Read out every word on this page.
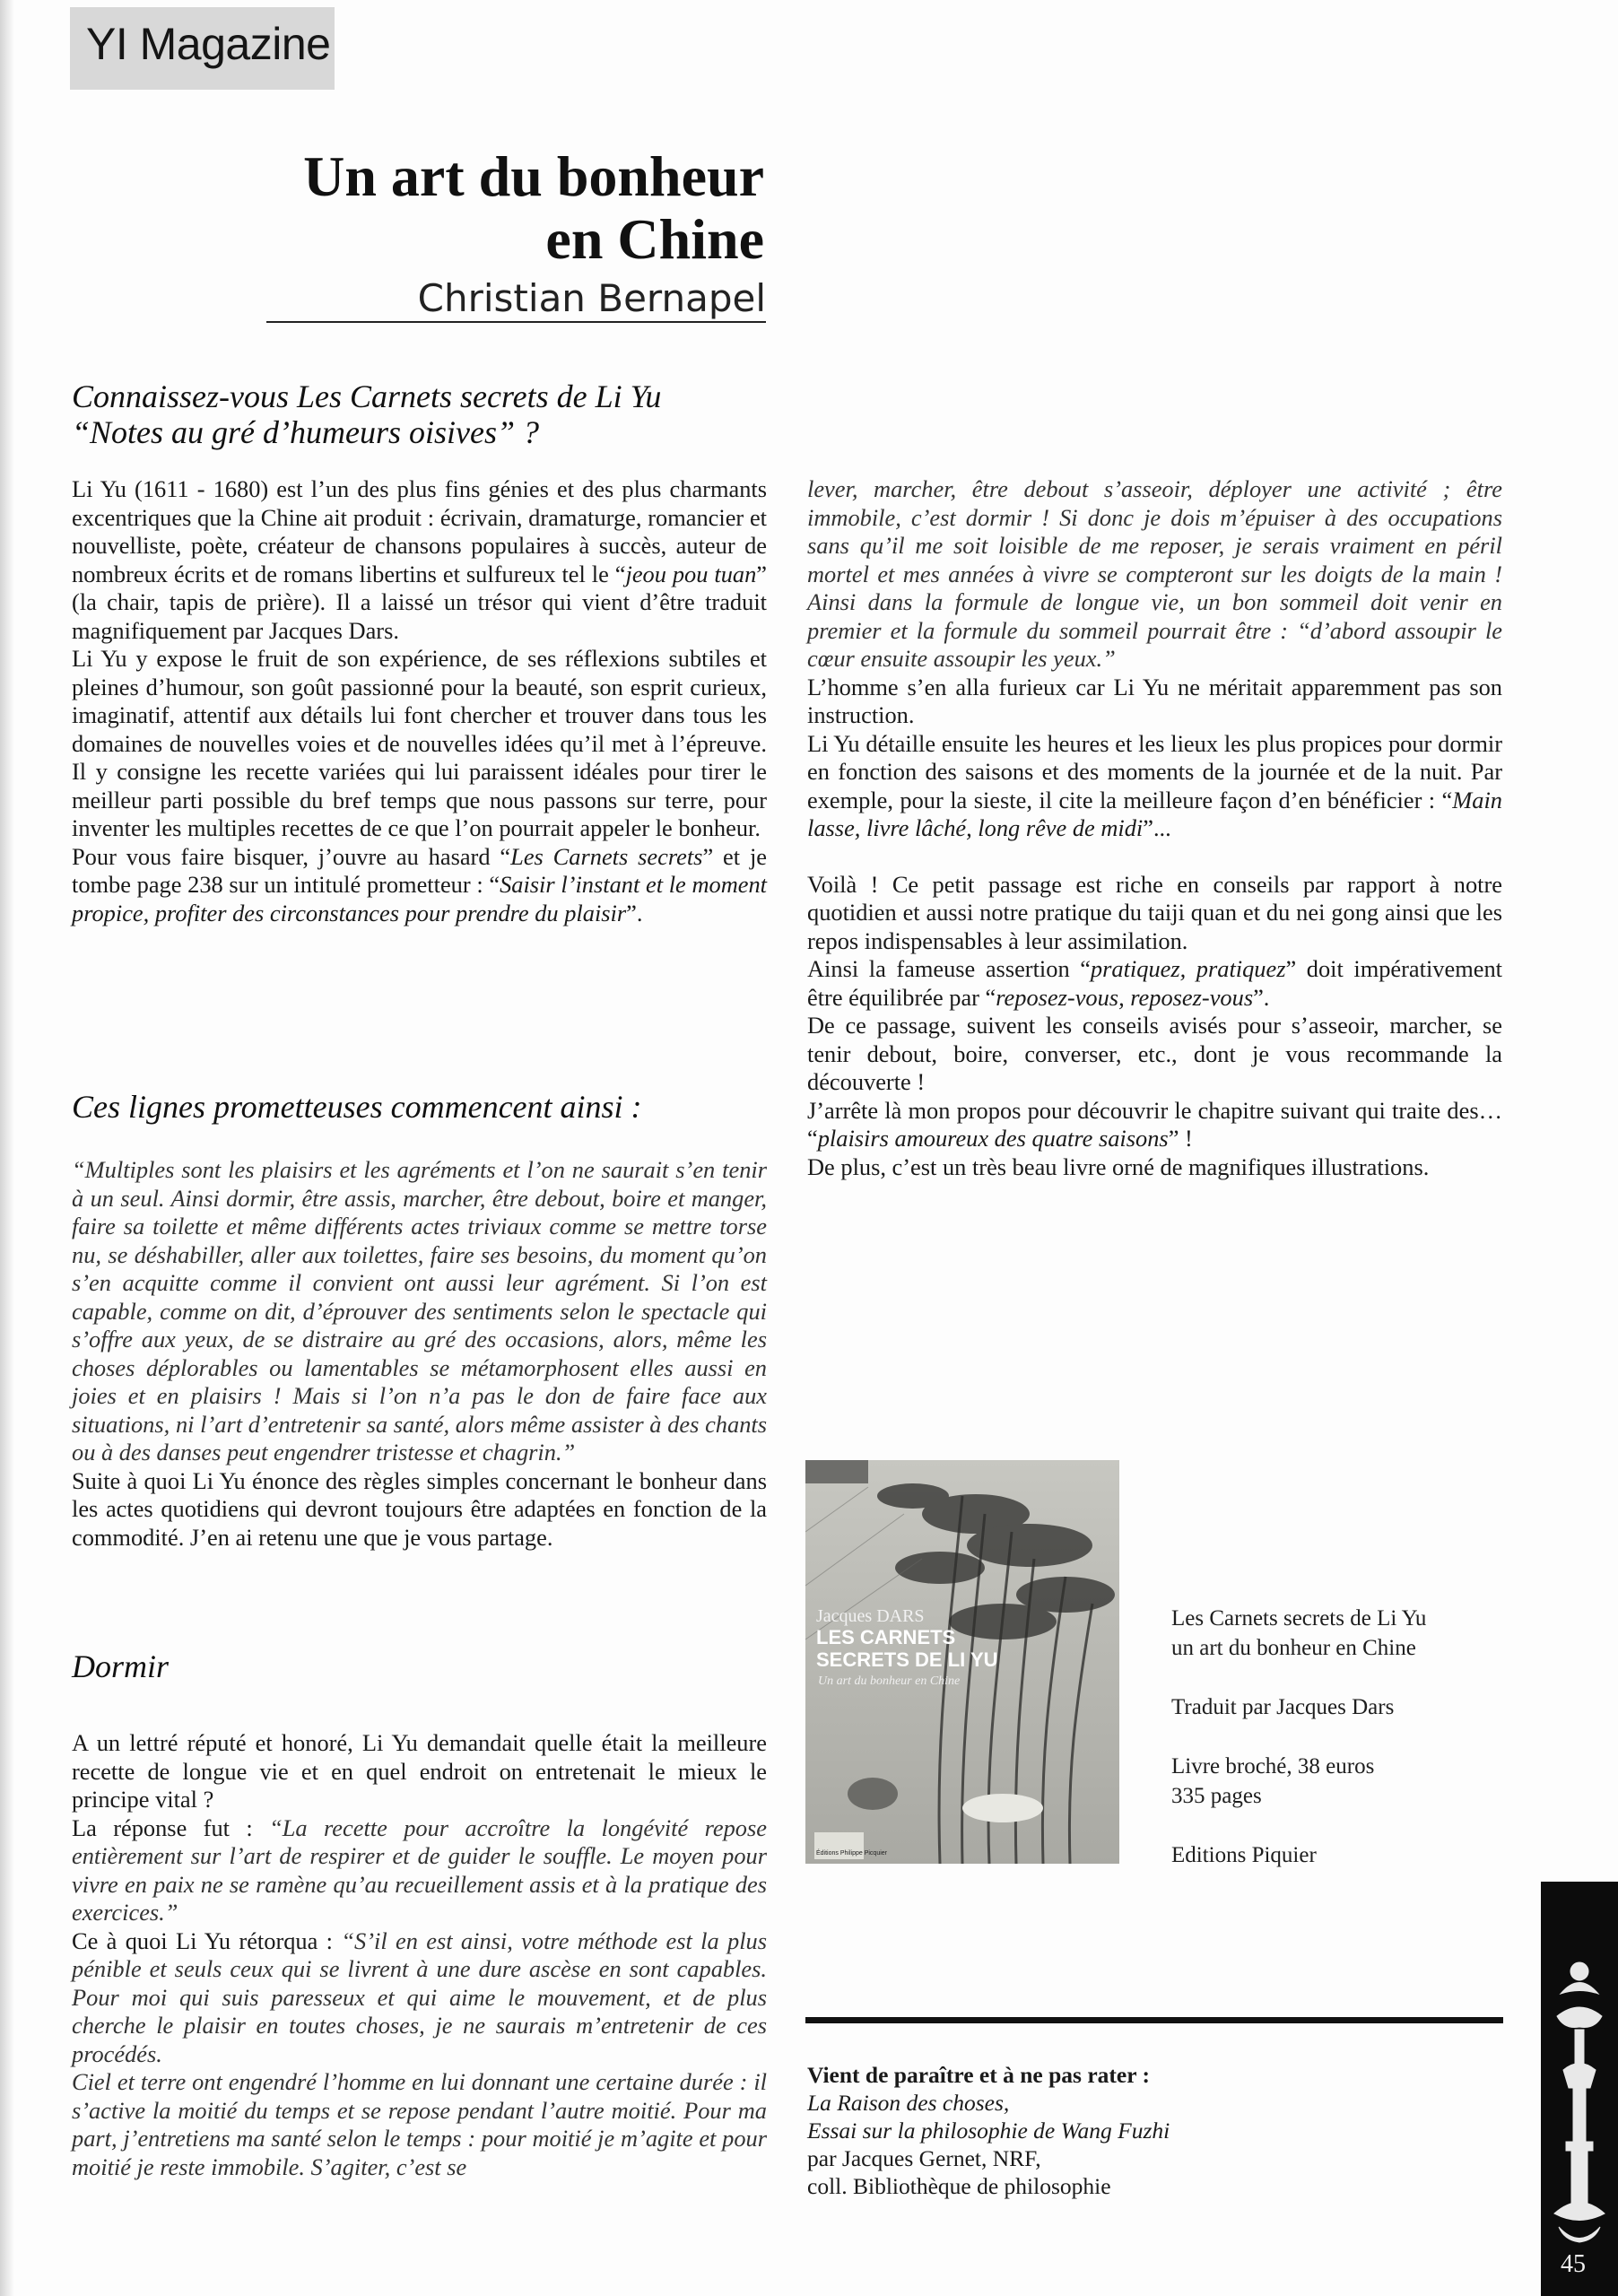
YI Magazine
Un art du bonheur
en Chine
Christian Bernapel
Connaissez-vous Les Carnets secrets de Li Yu
“Notes au gré d’humeurs oisives” ?

Li Yu (1611 - 1680) est l’un des plus fins génies et des plus charmants excentriques que la Chine ait produit : écrivain, dramaturge, romancier et nouvelliste, poète, créateur de chansons populaires à succès, auteur de nombreux écrits et de romans libertins et sulfureux tel le “jeou pou tuan” (la chair, tapis de prière). Il a laissé un trésor qui vient d’être traduit magnifiquement par Jacques Dars.

Li Yu y expose le fruit de son expérience, de ses réflexions subtiles et pleines d’humour, son goût passionné pour la beauté, son esprit curieux, imaginatif, attentif aux détails lui font chercher et trouver dans tous les domaines de nouvelles voies et de nouvelles idées qu’il met à l’épreuve. Il y consigne les recette variées qui lui paraissent idéales pour tirer le meilleur parti possible du bref temps que nous passons sur terre, pour inventer les multiples recettes de ce que l’on pourrait appeler le bonheur.

Pour vous faire bisquer, j’ouvre au hasard “Les Carnets secrets” et je tombe page 238 sur un intitulé prometteur : “Saisir l’instant et le moment propice, profiter des circonstances pour prendre du plaisir”.

Ces lignes prometteuses commencent ainsi :

“Multiples sont les plaisirs et les agréments et l’on ne saurait s’en tenir à un seul. Ainsi dormir, être assis, marcher, être debout, boire et manger, faire sa toilette et même différents actes triviaux comme se mettre torse nu, se déshabiller, aller aux toilettes, faire ses besoins, du moment qu’on s’en acquitte comme il convient ont aussi leur agrément. Si l’on est capable, comme on dit, d’éprouver des sentiments selon le spectacle qui s’offre aux yeux, de se distraire au gré des occasions, alors, même les choses déplorables ou lamentables se métamorphosent elles aussi en joies et en plaisirs ! Mais si l’on n’a pas le don de faire face aux situations, ni l’art d’entretenir sa santé, alors même assister à des chants ou à des danses peut engendrer tristesse et chagrin.”

Suite à quoi Li Yu énonce des règles simples concernant le bonheur dans les actes quotidiens qui devront toujours être adaptées en fonction de la commodité. J’en ai retenu une que je vous partage.

Dormir

A un lettré réputé et honoré, Li Yu demandait quelle était la meilleure recette de longue vie et en quel endroit on entretenait le mieux le principe vital ?

La réponse fut : “La recette pour accroître la longévité repose entièrement sur l’art de respirer et de guider le souffle. Le moyen pour vivre en paix ne se ramène qu’au recueillement assis et à la pratique des exercices.”

Ce à quoi Li Yu rétorqua : “S’il en est ainsi, votre méthode est la plus pénible et seuls ceux qui se livrent à une dure ascèse en sont capables. Pour moi qui suis paresseux et qui aime le mouvement, et de plus cherche le plaisir en toutes choses, je ne saurais m’entretenir de ces procédés.

Ciel et terre ont engendré l’homme en lui donnant une certaine durée : il s’active la moitié du temps et se repose pendant l’autre moitié. Pour ma part, j’entretiens ma santé selon le temps : pour moitié je m’agite et pour moitié je reste immobile. S’agiter, c’est se

lever, marcher, être debout s’asseoir, déployer une activité ; être immobile, c’est dormir ! Si donc je dois m’épuiser à des occupations sans qu’il me soit loisible de me reposer, je serais vraiment en péril mortel et mes années à vivre se compteront sur les doigts de la main ! Ainsi dans la formule de longue vie, un bon sommeil doit venir en premier et la formule du sommeil pourrait être : “d’abord assoupir le cœur ensuite assoupir les yeux.”

L’homme s’en alla furieux car Li Yu ne méritait apparemment pas son instruction.

Li Yu détaille ensuite les heures et les lieux les plus propices pour dormir en fonction des saisons et des moments de la journée et de la nuit. Par exemple, pour la sieste, il cite la meilleure façon d’en bénéficier : “Main lasse, livre lâché, long rêve de midi”...

Voilà ! Ce petit passage est riche en conseils par rapport à notre quotidien et aussi notre pratique du taiji quan et du nei gong ainsi que les repos indispensables à leur assimilation.

Ainsi la fameuse assertion “pratiquez, pratiquez” doit impérativement être équilibrée par “reposez-vous, reposez-vous”.

De ce passage, suivent les conseils avisés pour s’asseoir, marcher, se tenir debout, boire, converser, etc., dont je vous recommande la découverte !

J’arrête là mon propos pour découvrir le chapitre suivant qui traite des… “plaisirs amoureux des quatre saisons” !

De plus, c’est un très beau livre orné de magnifiques illustrations.

Jacques DARS
LES CARNETS
SECRETS DE LI YU
Un art du bonheur en Chine
Éditions Philippe Picquier
Les Carnets secrets de Li Yu
un art du bonheur en Chine
Traduit par Jacques Dars
Livre broché, 38 euros
335 pages
Editions Piquier
Vient de paraître et à ne pas rater :
La Raison des choses,
Essai sur la philosophie de Wang Fuzhi
par Jacques Gernet, NRF,
coll. Bibliothèque de philosophie
45
